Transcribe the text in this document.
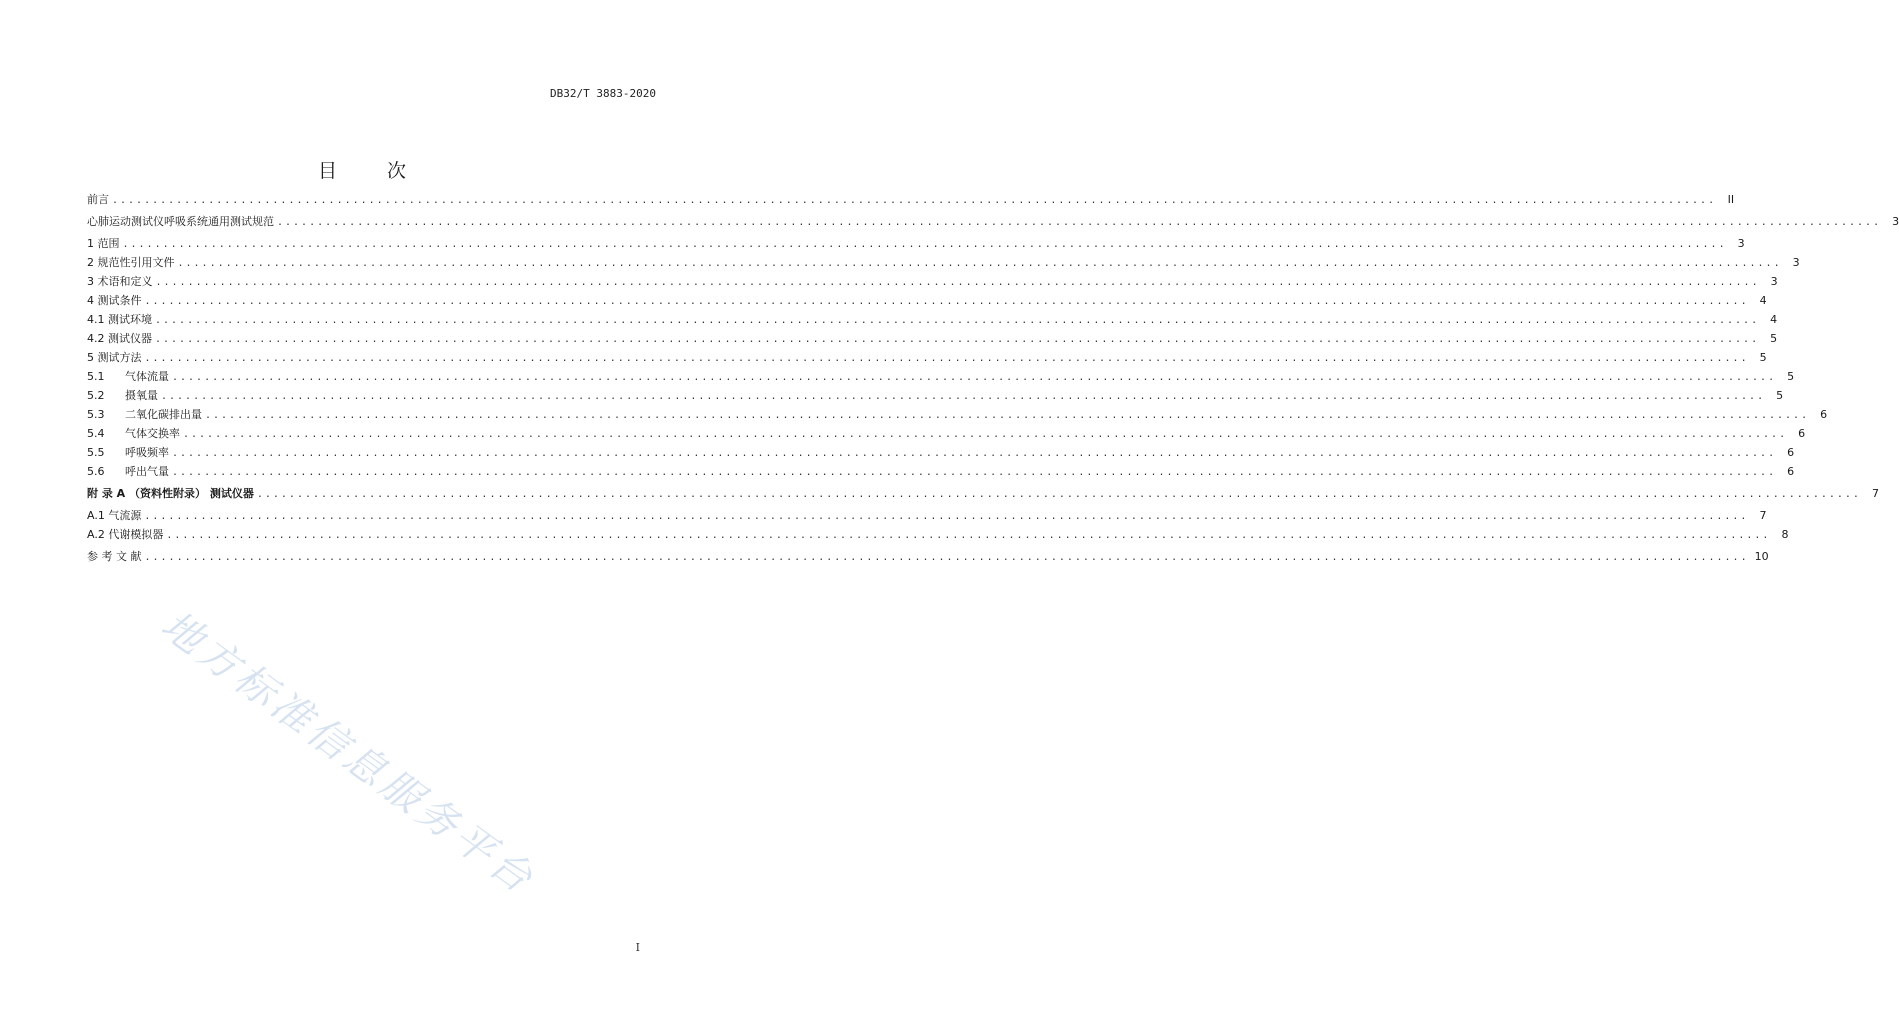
DB32/T 3883-2020
目 次
前言 ........................................................................................................................................................................................................	II
心肺运动测试仪呼吸系统通用测试规范 ........................................................................................................................................................................................................	3
1 范围 ........................................................................................................................................................................................................	3
2 规范性引用文件 ........................................................................................................................................................................................................	3
3 术语和定义 ........................................................................................................................................................................................................	3
4 测试条件 ........................................................................................................................................................................................................	4
4.1 测试环境 ........................................................................................................................................................................................................	4
4.2 测试仪器 ........................................................................................................................................................................................................	5
5 测试方法 ........................................................................................................................................................................................................	5
5.1 气体流量 ........................................................................................................................................................................................................	5
5.2 摄氧量 ........................................................................................................................................................................................................	5
5.3 二氧化碳排出量 ........................................................................................................................................................................................................	6
5.4 气体交换率 ........................................................................................................................................................................................................	6
5.5 呼吸频率 ........................................................................................................................................................................................................	6
5.6 呼出气量 ........................................................................................................................................................................................................	6
附 录 A （资料性附录） 测试仪器 ........................................................................................................................................................................................................	7
A.1 气流源 ........................................................................................................................................................................................................	7
A.2 代谢模拟器 ........................................................................................................................................................................................................	8
参 考 文 献 ........................................................................................................................................................................................................ 10
地方标准信息服务平台
I
